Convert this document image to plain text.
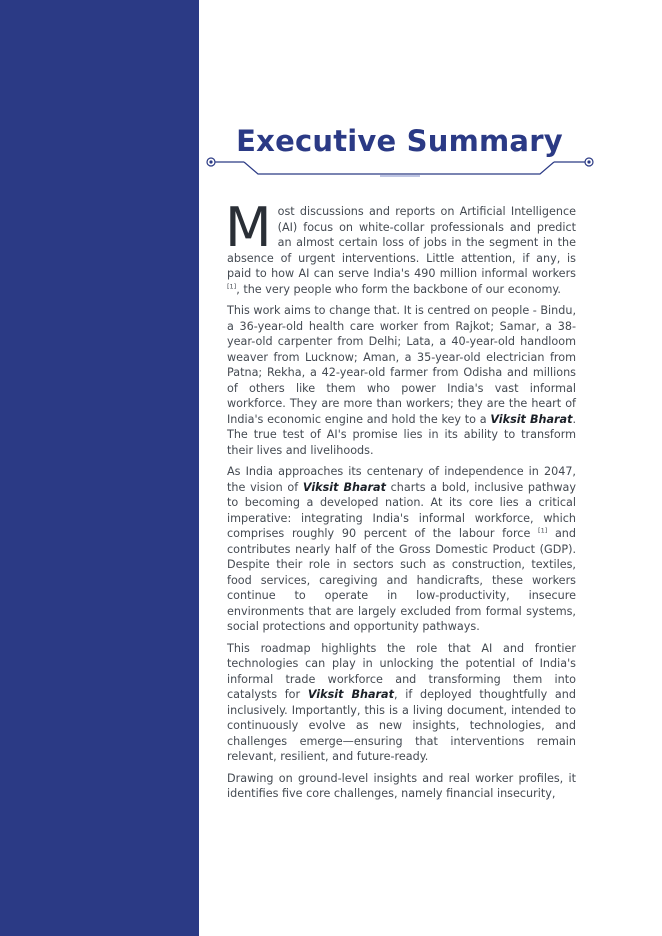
Executive Summary

Most discussions and reports on Artificial Intelligence (AI) focus on white-collar professionals and predict an almost certain loss of jobs in the segment in the absence of urgent interventions. Little attention, if any, is paid to how AI can serve India's 490 million informal workers [1], the very people who form the backbone of our economy.

This work aims to change that. It is centred on people - Bindu, a 36-year-old health care worker from Rajkot; Samar, a 38-year-old carpenter from Delhi; Lata, a 40-year-old handloom weaver from Lucknow; Aman, a 35-year-old electrician from Patna; Rekha, a 42-year-old farmer from Odisha and millions of others like them who power India's vast informal workforce. They are more than workers; they are the heart of India's economic engine and hold the key to a Viksit Bharat. The true test of AI's promise lies in its ability to transform their lives and livelihoods.

As India approaches its centenary of independence in 2047, the vision of Viksit Bharat charts a bold, inclusive pathway to becoming a developed nation. At its core lies a critical imperative: integrating India's informal workforce, which comprises roughly 90 percent of the labour force [1] and contributes nearly half of the Gross Domestic Product (GDP). Despite their role in sectors such as construction, textiles, food services, caregiving and handicrafts, these workers continue to operate in low-productivity, insecure environments that are largely excluded from formal systems, social protections and opportunity pathways.

This roadmap highlights the role that AI and frontier technologies can play in unlocking the potential of India's informal trade workforce and transforming them into catalysts for Viksit Bharat, if deployed thoughtfully and inclusively. Importantly, this is a living document, intended to continuously evolve as new insights, technologies, and challenges emerge—ensuring that interventions remain relevant, resilient, and future-ready.

Drawing on ground-level insights and real worker profiles, it identifies five core challenges, namely financial insecurity,
